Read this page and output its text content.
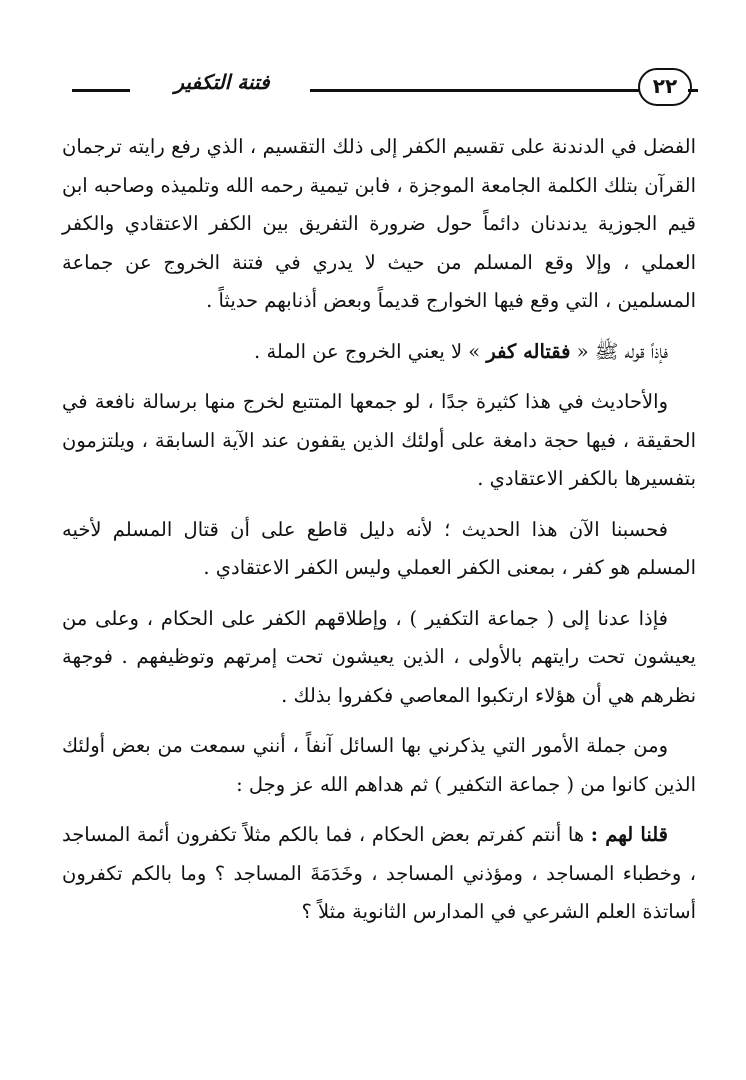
فتنة التكفير	٢٢

الفضل في الدندنة على تقسيم الكفر إلى ذلك التقسيم ، الذي رفع رايته ترجمان القرآن بتلك الكلمة الجامعة الموجزة ، فابن تيمية رحمه الله وتلميذه وصاحبه ابن قيم الجوزية يدندنان دائماً حول ضرورة التفريق بين الكفر الاعتقادي والكفر العملي ، وإلا وقع المسلم من حيث لا يدري في فتنة الخروج عن جماعة المسلمين ، التي وقع فيها الخوارج قديماً وبعض أذنابهم حديثاً .

فإذاً قوله ﷺ « فقتاله كفر » لا يعني الخروج عن الملة .

والأحاديث في هذا كثيرة جدًا ، لو جمعها المتتبع لخرج منها برسالة نافعة في الحقيقة ، فيها حجة دامغة على أولئك الذين يقفون عند الآية السابقة ، ويلتزمون بتفسيرها بالكفر الاعتقادي .

فحسبنا الآن هذا الحديث ؛ لأنه دليل قاطع على أن قتال المسلم لأخيه المسلم هو كفر ، بمعنى الكفر العملي وليس الكفر الاعتقادي .

فإذا عدنا إلى ( جماعة التكفير ) ، وإطلاقهم الكفر على الحكام ، وعلى من يعيشون تحت رايتهم بالأولى ، الذين يعيشون تحت إمرتهم وتوظيفهم . فوجهة نظرهم هي أن هؤلاء ارتكبوا المعاصي فكفروا بذلك .

ومن جملة الأمور التي يذكرني بها السائل آنفاً ، أنني سمعت من بعض أولئك الذين كانوا من ( جماعة التكفير ) ثم هداهم الله عز وجل :

قلنا لهم : ها أنتم كفرتم بعض الحكام ، فما بالكم مثلاً تكفرون أئمة المساجد ، وخطباء المساجد ، ومؤذني المساجد ، وخَدَمَةَ المساجد ؟ وما بالكم تكفرون أساتذة العلم الشرعي في المدارس الثانوية مثلاً ؟
